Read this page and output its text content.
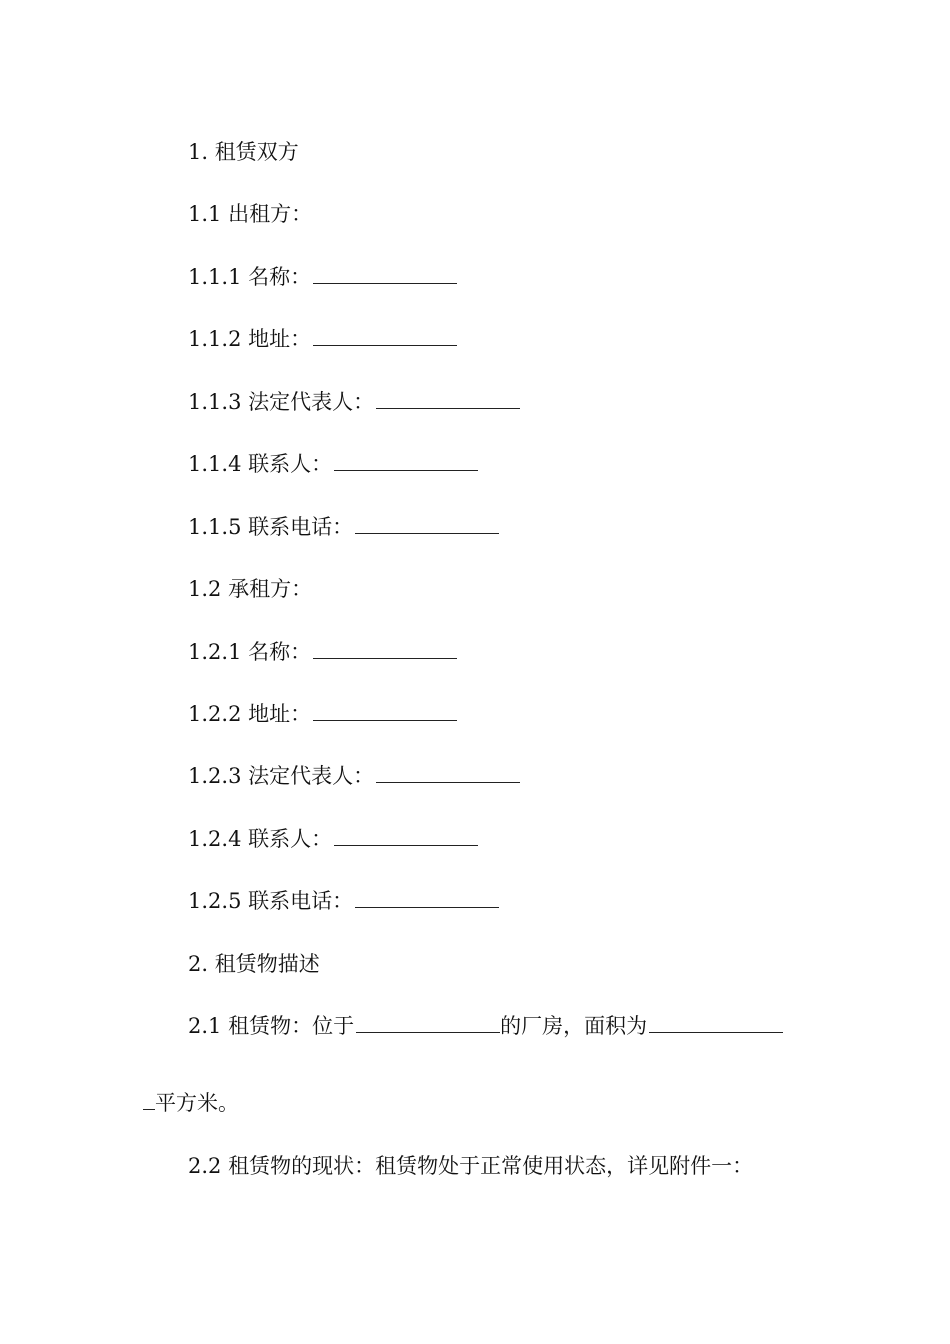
1. 租赁双方
1.1 出租方：
1.1.1 名称：
1.1.2 地址：
1.1.3 法定代表人：
1.1.4 联系人：
1.1.5 联系电话：
1.2 承租方：
1.2.1 名称：
1.2.2 地址：
1.2.3 法定代表人：
1.2.4 联系人：
1.2.5 联系电话：
2. 租赁物描述
2.1 租赁物：位于	的厂房，面积为
平方米。
2.2 租赁物的现状：租赁物处于正常使用状态，详见附件一：
